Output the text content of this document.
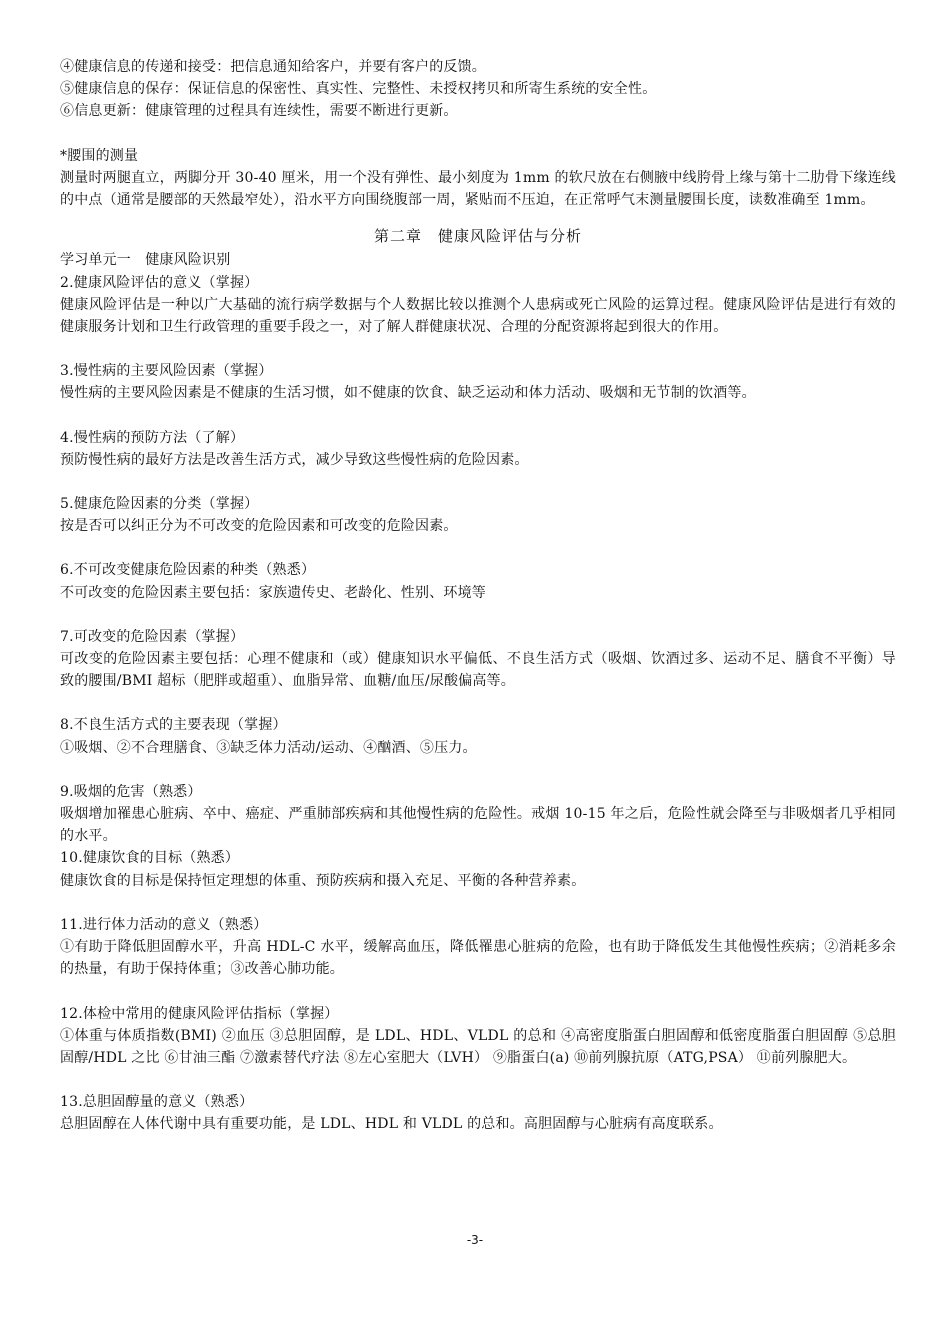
④健康信息的传递和接受：把信息通知给客户，并要有客户的反馈。
⑤健康信息的保存：保证信息的保密性、真实性、完整性、未授权拷贝和所寄生系统的安全性。
⑥信息更新：健康管理的过程具有连续性，需要不断进行更新。
*腰围的测量
测量时两腿直立，两脚分开 30-40 厘米，用一个没有弹性、最小刻度为 1mm 的软尺放在右侧腋中线胯骨上缘与第十二肋骨下缘连线的中点（通常是腰部的天然最窄处），沿水平方向围绕腹部一周，紧贴而不压迫，在正常呼气末测量腰围长度，读数准确至 1mm。
第二章　健康风险评估与分析
学习单元一　健康风险识别
2.健康风险评估的意义（掌握）
健康风险评估是一种以广大基础的流行病学数据与个人数据比较以推测个人患病或死亡风险的运算过程。健康风险评估是进行有效的健康服务计划和卫生行政管理的重要手段之一，对了解人群健康状况、合理的分配资源将起到很大的作用。
3.慢性病的主要风险因素（掌握）
慢性病的主要风险因素是不健康的生活习惯，如不健康的饮食、缺乏运动和体力活动、吸烟和无节制的饮酒等。
4.慢性病的预防方法（了解）
预防慢性病的最好方法是改善生活方式，减少导致这些慢性病的危险因素。
5.健康危险因素的分类（掌握）
按是否可以纠正分为不可改变的危险因素和可改变的危险因素。
6.不可改变健康危险因素的种类（熟悉）
不可改变的危险因素主要包括：家族遗传史、老龄化、性别、环境等
7.可改变的危险因素（掌握）
可改变的危险因素主要包括：心理不健康和（或）健康知识水平偏低、不良生活方式（吸烟、饮酒过多、运动不足、膳食不平衡）导致的腰围/BMI 超标（肥胖或超重）、血脂异常、血糖/血压/尿酸偏高等。
8.不良生活方式的主要表现（掌握）
①吸烟、②不合理膳食、③缺乏体力活动/运动、④酗酒、⑤压力。
9.吸烟的危害（熟悉）
吸烟增加罹患心脏病、卒中、癌症、严重肺部疾病和其他慢性病的危险性。戒烟 10-15 年之后，危险性就会降至与非吸烟者几乎相同的水平。
10.健康饮食的目标（熟悉）
健康饮食的目标是保持恒定理想的体重、预防疾病和摄入充足、平衡的各种营养素。
11.进行体力活动的意义（熟悉）
①有助于降低胆固醇水平，升高 HDL-C 水平，缓解高血压，降低罹患心脏病的危险，也有助于降低发生其他慢性疾病；②消耗多余的热量，有助于保持体重；③改善心肺功能。
12.体检中常用的健康风险评估指标（掌握）
①体重与体质指数(BMI) ②血压 ③总胆固醇，是 LDL、HDL、VLDL 的总和 ④高密度脂蛋白胆固醇和低密度脂蛋白胆固醇 ⑤总胆固醇/HDL 之比 ⑥甘油三酯 ⑦激素替代疗法 ⑧左心室肥大（LVH） ⑨脂蛋白(a) ⑩前列腺抗原（ATG,PSA） ⑪前列腺肥大。
13.总胆固醇量的意义（熟悉）
总胆固醇在人体代谢中具有重要功能，是 LDL、HDL 和 VLDL 的总和。高胆固醇与心脏病有高度联系。
-3-
